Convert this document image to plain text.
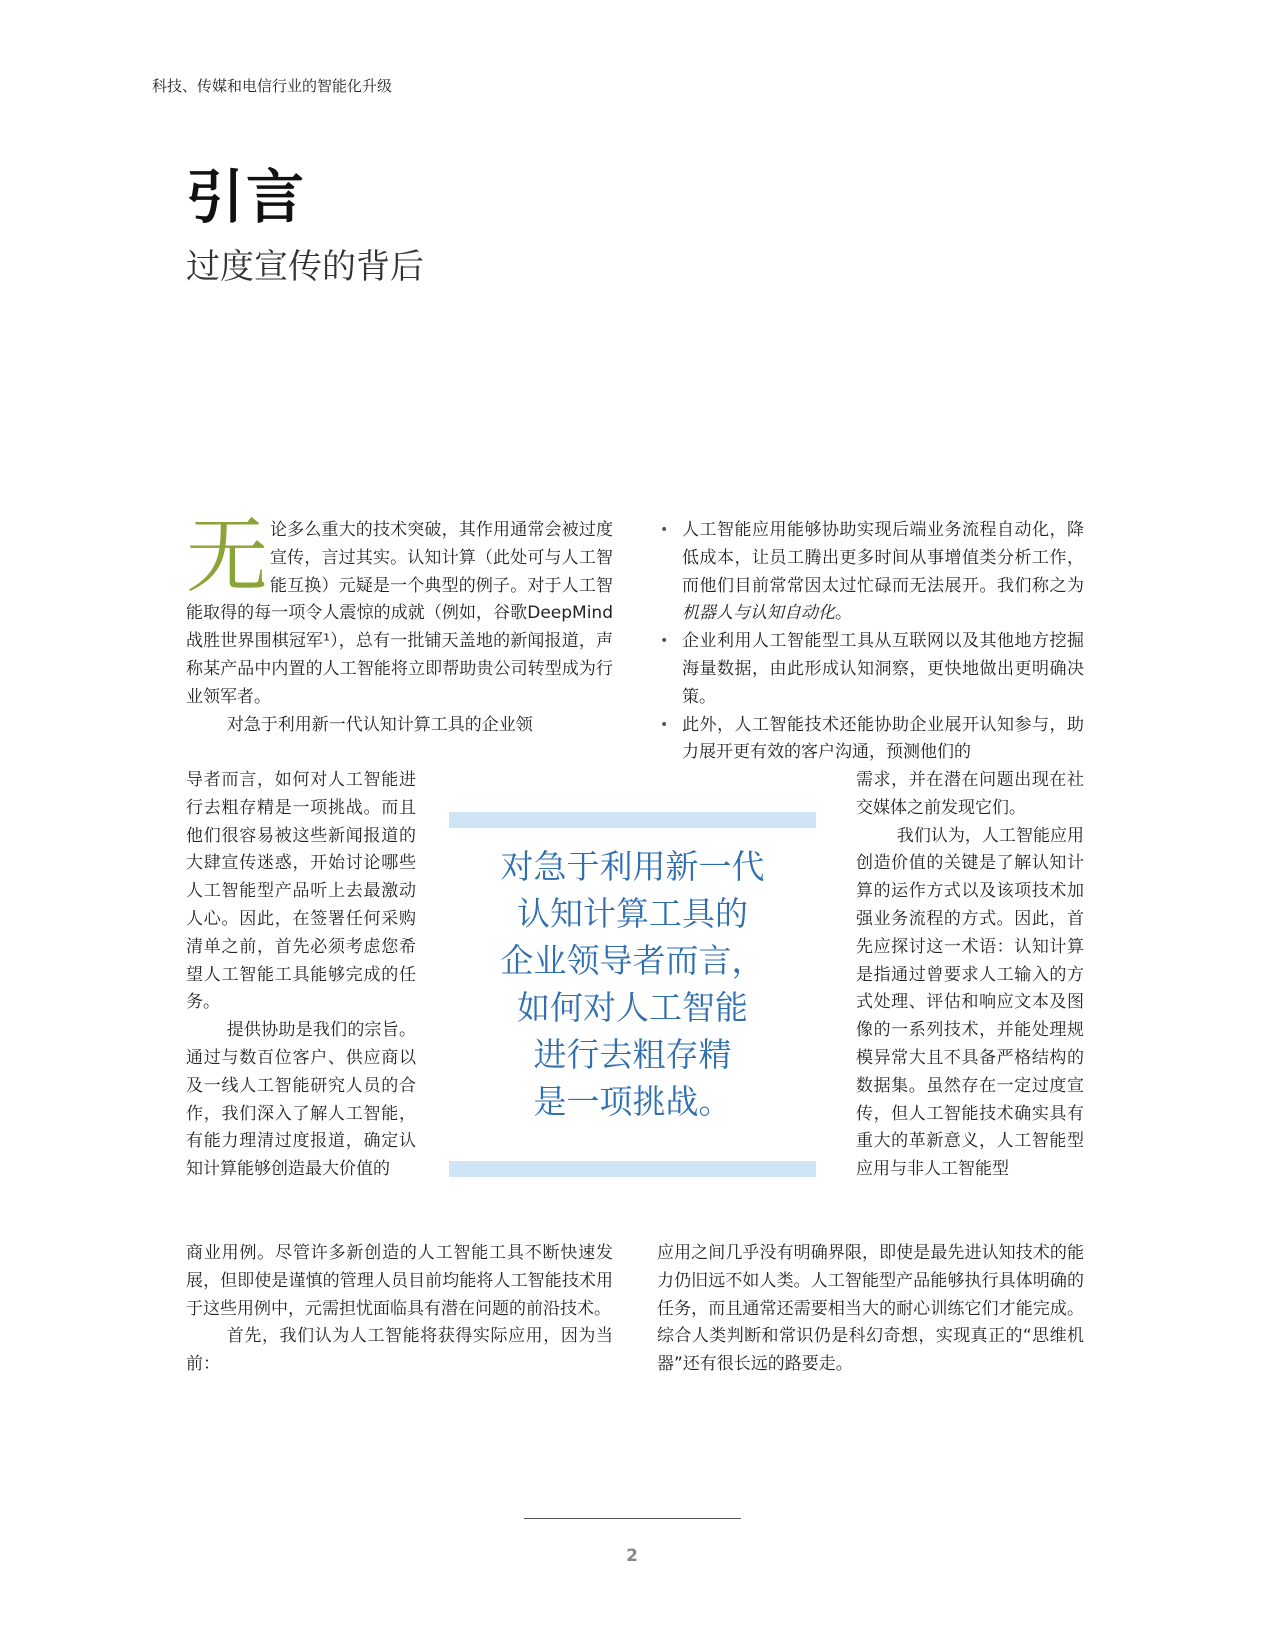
科技、传媒和电信行业的智能化升级
引言
过度宣传的背后
无 论多么重大的技术突破，其作用通常会被过度宣传，言过其实。认知计算（此处可与人工智能互换）元疑是一个典型的例子。对于人工智能取得的每一项令人震惊的成就（例如，谷歌DeepMind战胜世界围棋冠军¹），总有一批铺天盖地的新闻报道，声称某产品中内置的人工智能将立即帮助贵公司转型成为行业领军者。

对急于利用新一代认知计算工具的企业领

导者而言，如何对人工智能进行去粗存精是一项挑战。而且他们很容易被这些新闻报道的大肆宣传迷惑，开始讨论哪些人工智能型产品听上去最激动人心。因此，在签署任何采购清单之前，首先必须考虑您希望人工智能工具能够完成的任务。

提供协助是我们的宗旨。通过与数百位客户、供应商以及一线人工智能研究人员的合作，我们深入了解人工智能，有能力理清过度报道，确定认知计算能够创造最大价值的

商业用例。尽管许多新创造的人工智能工具不断快速发展，但即使是谨慎的管理人员目前均能将人工智能技术用于这些用例中，元需担忧面临具有潜在问题的前沿技术。

首先，我们认为人工智能将获得实际应用，因为当前：

• 人工智能应用能够协助实现后端业务流程自动化，降低成本，让员工腾出更多时间从事增值类分析工作，而他们目前常常因太过忙碌而无法展开。我们称之为机器人与认知自动化。
• 企业利用人工智能型工具从互联网以及其他地方挖掘海量数据，由此形成认知洞察，更快地做出更明确决策。
• 此外，人工智能技术还能协助企业展开认知参与，助力展开更有效的客户沟通，预测他们的

需求，并在潜在问题出现在社交媒体之前发现它们。

我们认为，人工智能应用创造价值的关键是了解认知计算的运作方式以及该项技术加强业务流程的方式。因此，首先应探讨这一术语：认知计算是指通过曾要求人工输入的方式处理、评估和响应文本及图像的一系列技术，并能处理规模异常大且不具备严格结构的数据集。虽然存在一定过度宣传，但人工智能技术确实具有重大的革新意义，人工智能型应用与非人工智能型

应用之间几乎没有明确界限，即使是最先进认知技术的能力仍旧远不如人类。人工智能型产品能够执行具体明确的任务，而且通常还需要相当大的耐心训练它们才能完成。综合人类判断和常识仍是科幻奇想，实现真正的“思维机器”还有很长远的路要走。

对急于利用新一代
认知计算工具的
企业领导者而言，
如何对人工智能
进行去粗存精
是一项挑战。
2
